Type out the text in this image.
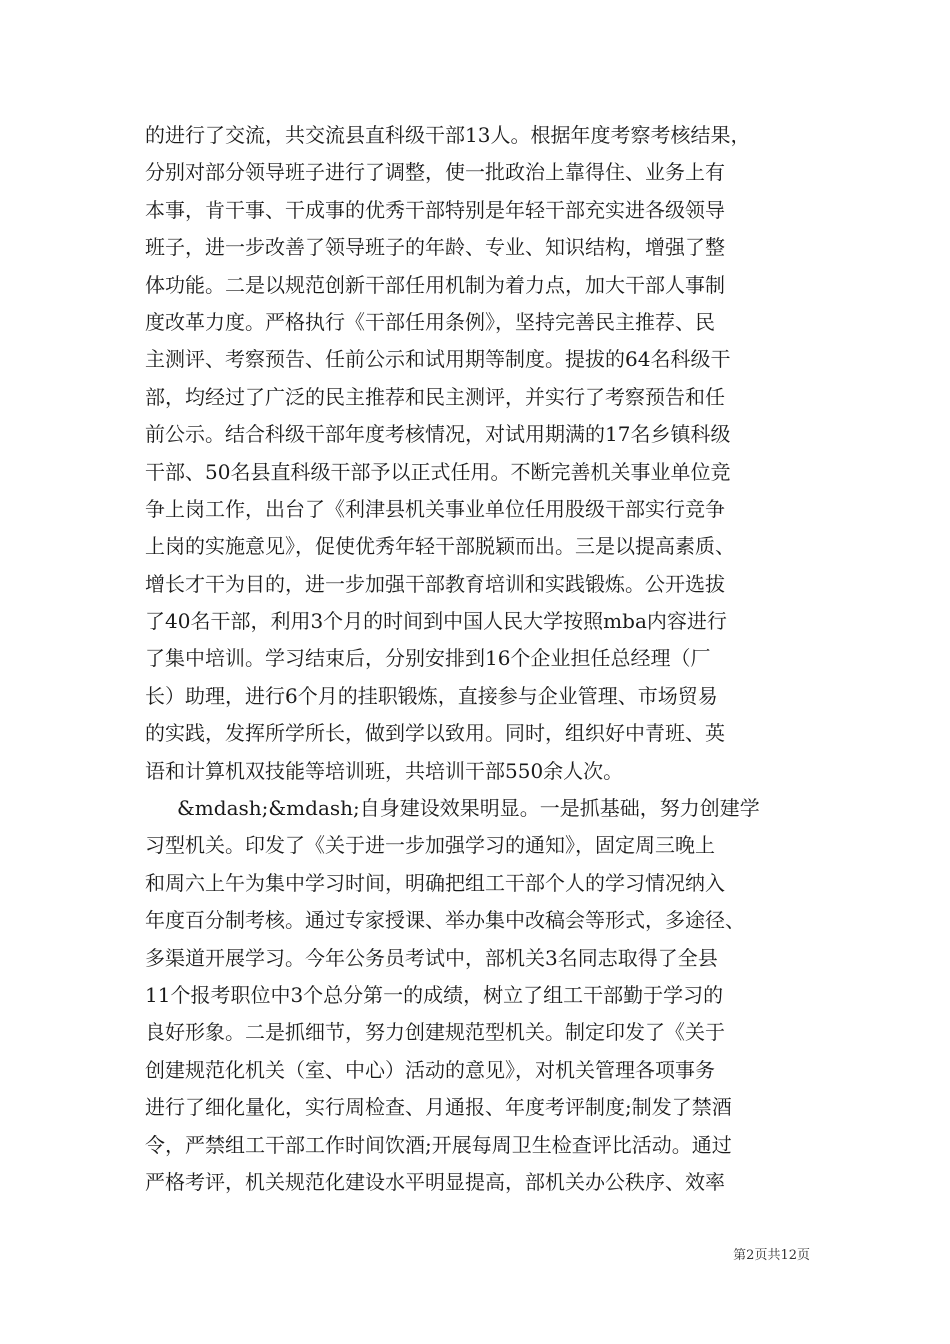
的进行了交流，共交流县直科级干部13人。根据年度考察考核结果，
分别对部分领导班子进行了调整，使一批政治上靠得住、业务上有
本事，肯干事、干成事的优秀干部特别是年轻干部充实进各级领导
班子，进一步改善了领导班子的年龄、专业、知识结构，增强了整
体功能。二是以规范创新干部任用机制为着力点，加大干部人事制
度改革力度。严格执行《干部任用条例》，坚持完善民主推荐、民
主测评、考察预告、任前公示和试用期等制度。提拔的64名科级干
部，均经过了广泛的民主推荐和民主测评，并实行了考察预告和任
前公示。结合科级干部年度考核情况，对试用期满的17名乡镇科级
干部、50名县直科级干部予以正式任用。不断完善机关事业单位竞
争上岗工作，出台了《利津县机关事业单位任用股级干部实行竞争
上岗的实施意见》，促使优秀年轻干部脱颖而出。三是以提高素质、
增长才干为目的，进一步加强干部教育培训和实践锻炼。公开选拔
了40名干部，利用3个月的时间到中国人民大学按照mba内容进行
了集中培训。学习结束后，分别安排到16个企业担任总经理（厂
长）助理，进行6个月的挂职锻炼，直接参与企业管理、市场贸易
的实践，发挥所学所长，做到学以致用。同时，组织好中青班、英
语和计算机双技能等培训班，共培训干部550余人次。
&mdash;&mdash;自身建设效果明显。一是抓基础，努力创建学
习型机关。印发了《关于进一步加强学习的通知》，固定周三晚上
和周六上午为集中学习时间，明确把组工干部个人的学习情况纳入
年度百分制考核。通过专家授课、举办集中改稿会等形式，多途径、
多渠道开展学习。今年公务员考试中，部机关3名同志取得了全县
11个报考职位中3个总分第一的成绩，树立了组工干部勤于学习的
良好形象。二是抓细节，努力创建规范型机关。制定印发了《关于
创建规范化机关（室、中心）活动的意见》，对机关管理各项事务
进行了细化量化，实行周检查、月通报、年度考评制度;制发了禁酒
令，严禁组工干部工作时间饮酒;开展每周卫生检查评比活动。通过
严格考评，机关规范化建设水平明显提高，部机关办公秩序、效率
第2页共12页
